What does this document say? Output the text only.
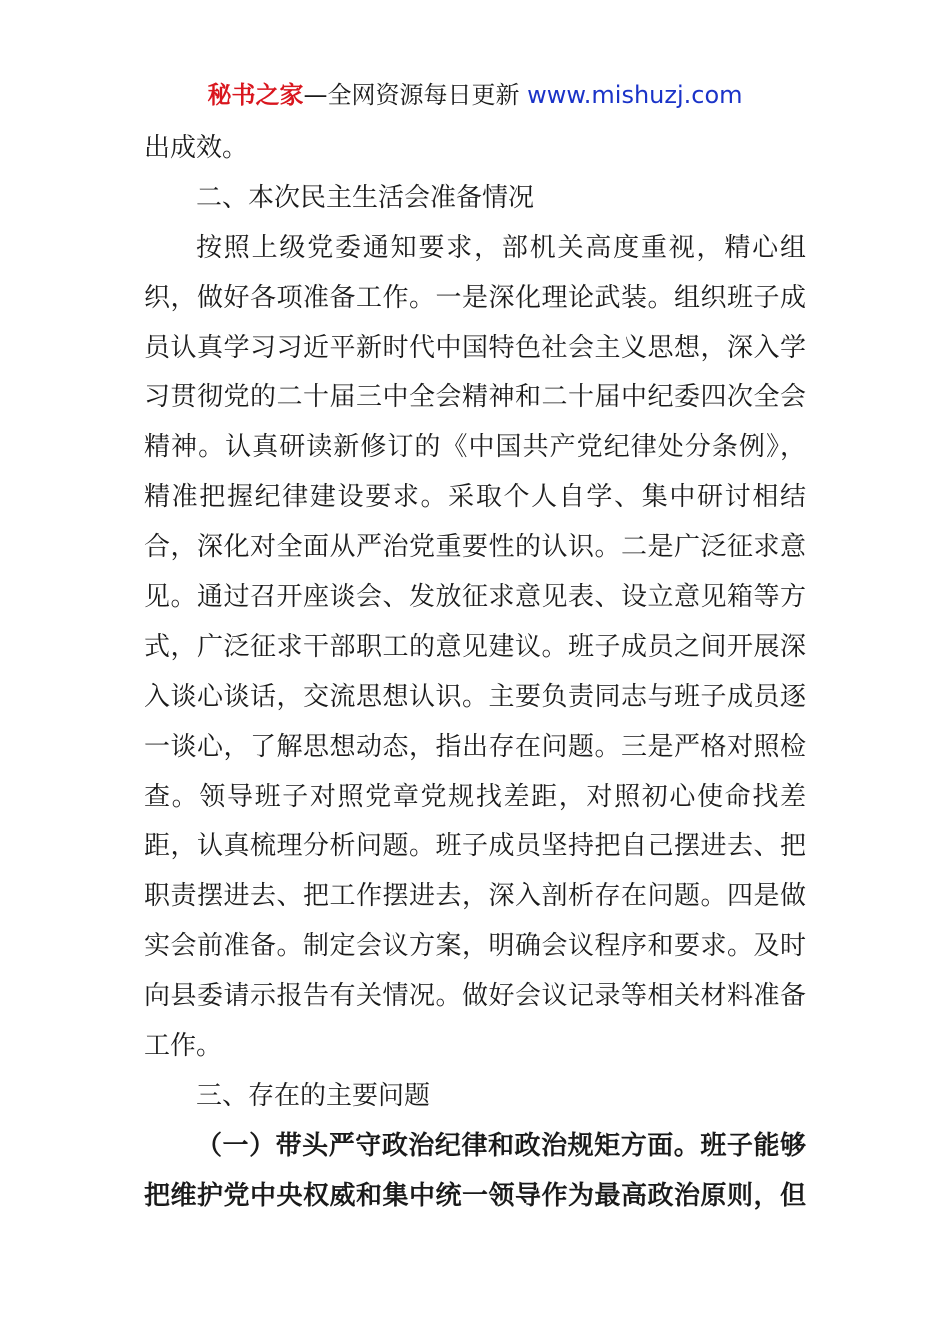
秘书之家—全网资源每日更新 www.mishuzj.com
出成效。
二、本次民主生活会准备情况
按照上级党委通知要求，部机关高度重视，精心组
织，做好各项准备工作。一是深化理论武装。组织班子成
员认真学习习近平新时代中国特色社会主义思想，深入学
习贯彻党的二十届三中全会精神和二十届中纪委四次全会
精神。认真研读新修订的《中国共产党纪律处分条例》，
精准把握纪律建设要求。采取个人自学、集中研讨相结
合，深化对全面从严治党重要性的认识。二是广泛征求意
见。通过召开座谈会、发放征求意见表、设立意见箱等方
式，广泛征求干部职工的意见建议。班子成员之间开展深
入谈心谈话，交流思想认识。主要负责同志与班子成员逐
一谈心，了解思想动态，指出存在问题。三是严格对照检
查。领导班子对照党章党规找差距，对照初心使命找差
距，认真梳理分析问题。班子成员坚持把自己摆进去、把
职责摆进去、把工作摆进去，深入剖析存在问题。四是做
实会前准备。制定会议方案，明确会议程序和要求。及时
向县委请示报告有关情况。做好会议记录等相关材料准备
工作。
三、存在的主要问题
（一）带头严守政治纪律和政治规矩方面。班子能够
把维护党中央权威和集中统一领导作为最高政治原则，但
